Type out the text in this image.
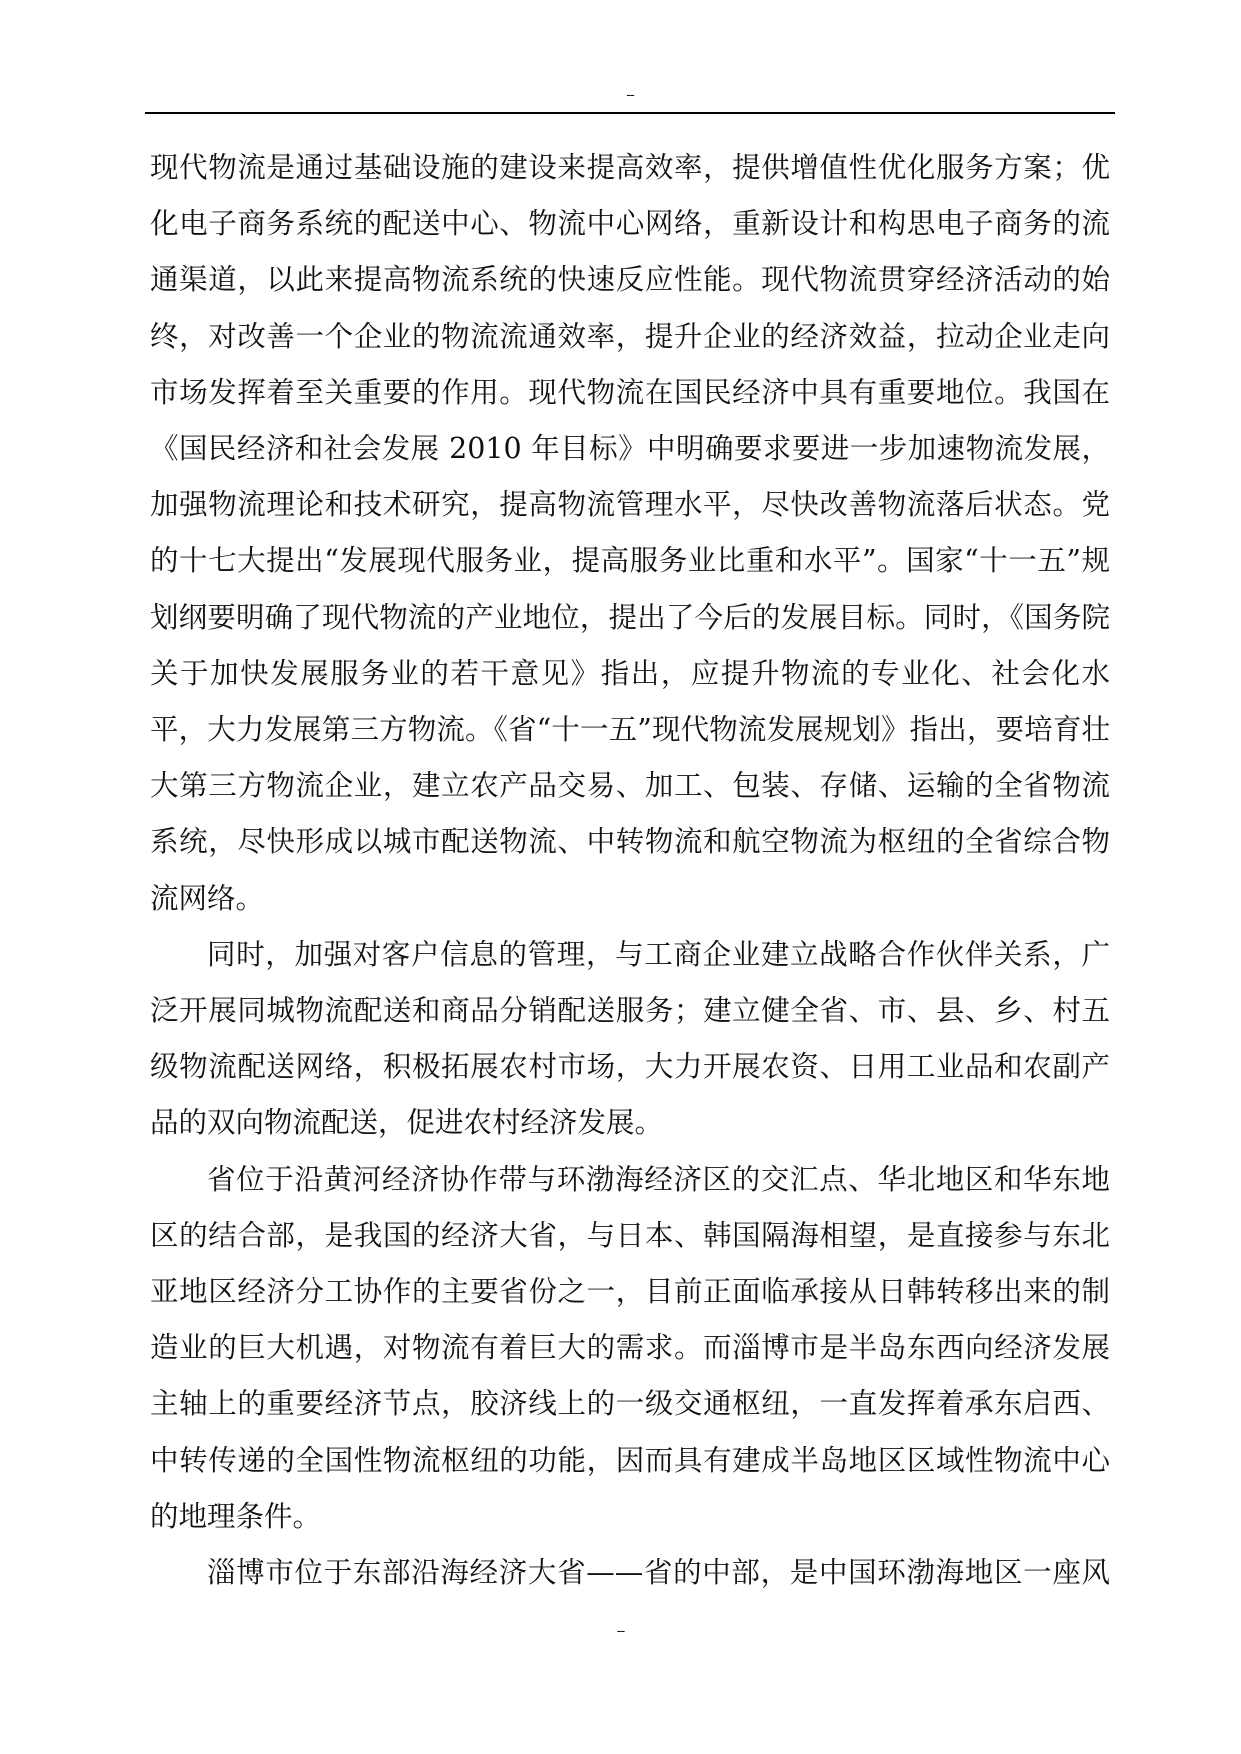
--

现代物流是通过基础设施的建设来提高效率，提供增值性优化服务方案；优化电子商务系统的配送中心、物流中心网络，重新设计和构思电子商务的流通渠道，以此来提高物流系统的快速反应性能。现代物流贯穿经济活动的始终，对改善一个企业的物流流通效率，提升企业的经济效益，拉动企业走向市场发挥着至关重要的作用。现代物流在国民经济中具有重要地位。我国在《国民经济和社会发展 2010 年目标》中明确要求要进一步加速物流发展，加强物流理论和技术研究，提高物流管理水平，尽快改善物流落后状态。党的十七大提出“发展现代服务业，提高服务业比重和水平”。国家“十一五”规划纲要明确了现代物流的产业地位，提出了今后的发展目标。同时，《国务院关于加快发展服务业的若干意见》指出，应提升物流的专业化、社会化水平，大力发展第三方物流。《省“十一五”现代物流发展规划》指出，要培育壮大第三方物流企业，建立农产品交易、加工、包装、存储、运输的全省物流系统，尽快形成以城市配送物流、中转物流和航空物流为枢纽的全省综合物流网络。

同时，加强对客户信息的管理，与工商企业建立战略合作伙伴关系，广泛开展同城物流配送和商品分销配送服务；建立健全省、市、县、乡、村五级物流配送网络，积极拓展农村市场，大力开展农资、日用工业品和农副产品的双向物流配送，促进农村经济发展。

省位于沿黄河经济协作带与环渤海经济区的交汇点、华北地区和华东地区的结合部，是我国的经济大省，与日本、韩国隔海相望，是直接参与东北亚地区经济分工协作的主要省份之一，目前正面临承接从日韩转移出来的制造业的巨大机遇，对物流有着巨大的需求。而淄博市是半岛东西向经济发展主轴上的重要经济节点，胶济线上的一级交通枢纽，一直发挥着承东启西、中转传递的全国性物流枢纽的功能，因而具有建成半岛地区区域性物流中心的地理条件。

淄博市位于东部沿海经济大省——省的中部，是中国环渤海地区一座风

--
